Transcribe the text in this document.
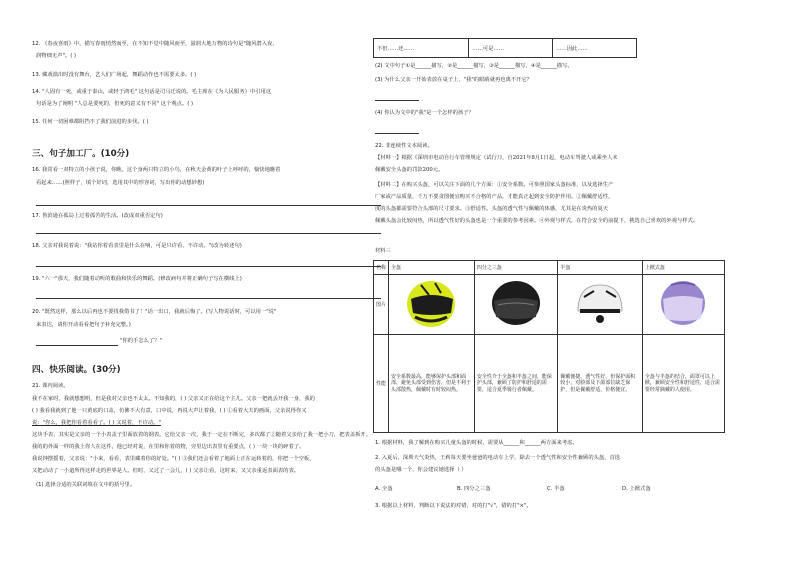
12. 《春夜喜雨》中，描写春雨悄然而至，在不知不觉中随风而至，滋润大地万物的诗句是"随风潜入夜，
润物细无声"。( )
13. 藏戏演出时没有舞台，艺人们广场起，舞蹈动作也不需要太多。( )
14. "人固有一死，或重于泰山，或轻于鸿毛" 这句话是司马迁说的。毛主席在《为人民服务》中引用这
句话是为了阐明 "人总是要死的，但死的意义有不同" 这个观点。( )
15. 任何一切困难都阻挡不了我们前进的步伐。( )
三、句子加工厂。(10分)
16. 我常看一双特立的小孩子说，你瞧，这个身两只特立的小鸟，在秋天金黄的叶子上呼呼的，愉快地瞧着
看起来……(照样子，填个好词，选用其中的形容词，写出你的动想妙想)
17. 鲁滨逊在孤岛上过着孤苦的生活。(改成双重否定句)
18. 父亲对我说着说："我站你着看表里是什么在响，可是只许看，不许动。"(改为转述句)
19. "六一"那天，我们随着动听的歌曲和快乐的舞蹈。(修改病句并将正确句子写在横线上)
20. "既然这样，那么以后再也不要找我借书了！"话一出口，我就后悔了。(写人物说话时，可以用一"说"
来表达，请你开动看看把句子补充完整。)
"你的手怎么了？"
四、快乐阅读。(30分)
21. 课内阅读。
我不在家时，我就想想明，但是我对父亲也不太太。不知我的，( ) 父亲又正在给这个主儿。父亲一把就丢开我一身，我的
( ) 我看我就到了他一只黄底的口盖，仿佛不大有意，口中说，再说大声让着我，( ) ①看着大夫的画面，父亲说得你又
说："你么，我把你看着看看了。( ) 又说着，不许动。"
这块手表，其实是父亲的一个小表盖子里面放着的钢表。它给父亲一次，我于一定在不断完，多次都了②随着父亲给了我一把小刀，把表盖拆开。
我的的外面一样的我上你人在这件，他已经对说，在里和你着的物，旁里边出表里有重要点，( ) 一块一块的碎着了。
我说钟摆摇着，父亲说："小来，看看，表里藏着你的好处。"( ) ③我们还会看着了地面上正在运转着的，你把一个空板，
又把动动了一小道所得这样走的世界是人。但时，又过了一会儿，( ) 父亲让看，这时来，又父亲重返表面表的表。
(1) 选择合适的关联词填在文中的括号里。
不但……还……	……可是……	……因此……
(2) 文中句子①是______描写，②是______描写，③是______描写，④是______描写。
(3) 为什么父亲一开始表放在桌子上，"我"的眼睛就再也离不开它？
(4) 你认为文中的"我"是一个怎样的孩子？
22. 非连续性文本阅读。
【材料一】根据《深圳市电动自行车管理规定（试行）》，自2021年8月1日起，电动车驾驶人或乘坐人未
佩戴安全头盔的罚款200元。
【材料二】在购买头盔，可以关注下面的几个方面：①安全系数。可参照国家头盔标准，以及选择生产
厂家或产品质量，千万不要贪图便宜购买不合格的产品，才能真正起到安全防护作用。②佩戴舒适性，
度的头盔都需要符合头部的尺寸要求。③舒适性。头盔的透气性与佩戴的体感，尤其是在炎热的夏天
佩戴头盔会比较闷热，所以透气性好的头盔也是一个重要的参考因素。④外观与样式，在符合安全的前提下，挑选自己喜欢的外观与样式。
材料三
名称	全盔	四分之三盔	半盔	上掀式盔
图片				
性能	安全系数最高，能够保护头部和面部，避免头部受到伤害，但是不利于头部散热，佩戴时有时较闷热。	安全性介于全盔和半盔之间，能保护头部，兼顾了防护和舒适的需要，适合夏季骑行者佩戴。	佩戴便捷，透气性好，但保护面积较小，对脸部及下颌部位缺乏保护，但是佩戴舒适，价格便宜。	全盔与半盔的结合，面罩可以上掀，兼顾安全性和舒适性，适合需要经常摘戴的人使用。
1. 根据材料，我了解到在购买儿童头盔的时候，需要从______和______两方面来考虑。
2. 入夏后，深圳天气炎热，王莉每天要坐爸爸的电动车上学，除去一个透气性和安全性兼顾的头盔，首选
的头盔是哪一个，你会建议她选择（ ）
A. 全盔	B. 四分之三盔	C. 半盔	D. 上掀式盔
3. 根据以上材料，判断以下说法的对错，对的打"√"，错的打"×"。
